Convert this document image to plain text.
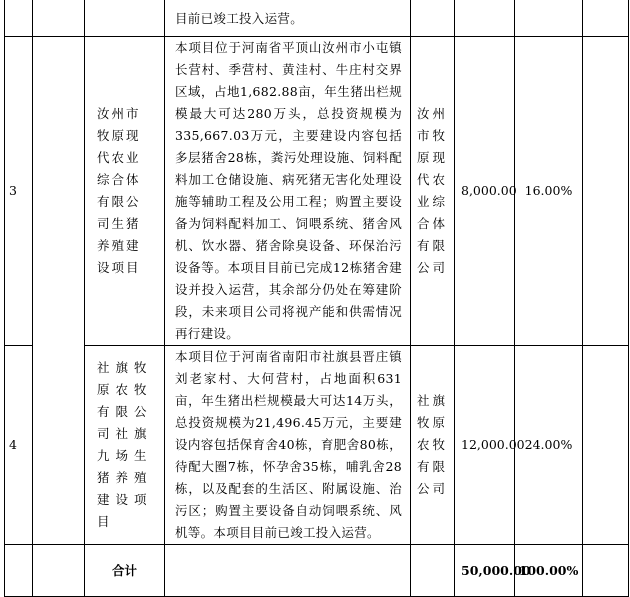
			目前已竣工投入运营。				
3		汝州市牧原现代农业综合体有限公司生猪养殖建设项目	本项目位于河南省平顶山汝州市小屯镇长营村、季营村、黄洼村、牛庄村交界区域，占地1,682.88亩，年生猪出栏规模最大可达280万头，总投资规模为335,667.03万元，主要建设内容包括多层猪舍28栋，粪污处理设施、饲料配料加工仓储设施、病死猪无害化处理设施等辅助工程及公用工程；购置主要设备为饲料配料加工、饲喂系统、猪舍风机、饮水器、猪舍除臭设备、环保治污设备等。本项目目前已完成12栋猪舍建设并投入运营，其余部分仍处在筹建阶段，未来项目公司将视产能和供需情况再行建设。	汝州市牧原现代农业综合体有限公司	8,000.00	16.00%	
4		社旗牧原农牧有限公司社旗九场生猪养殖建设项目	本项目位于河南省南阳市社旗县晋庄镇刘老家村、大何营村，占地面积631亩，年生猪出栏规模最大可达14万头，总投资规模为21,496.45万元，主要建设内容包括保育舍40栋，育肥舍80栋，待配大圈7栋，怀孕舍35栋，哺乳舍28栋，以及配套的生活区、附属设施、治污区；购置主要设备自动饲喂系统、风机等。本项目目前已竣工投入运营。	社旗牧原农牧有限公司	12,000.00	24.00%	
		合计			50,000.00	100.00%	
